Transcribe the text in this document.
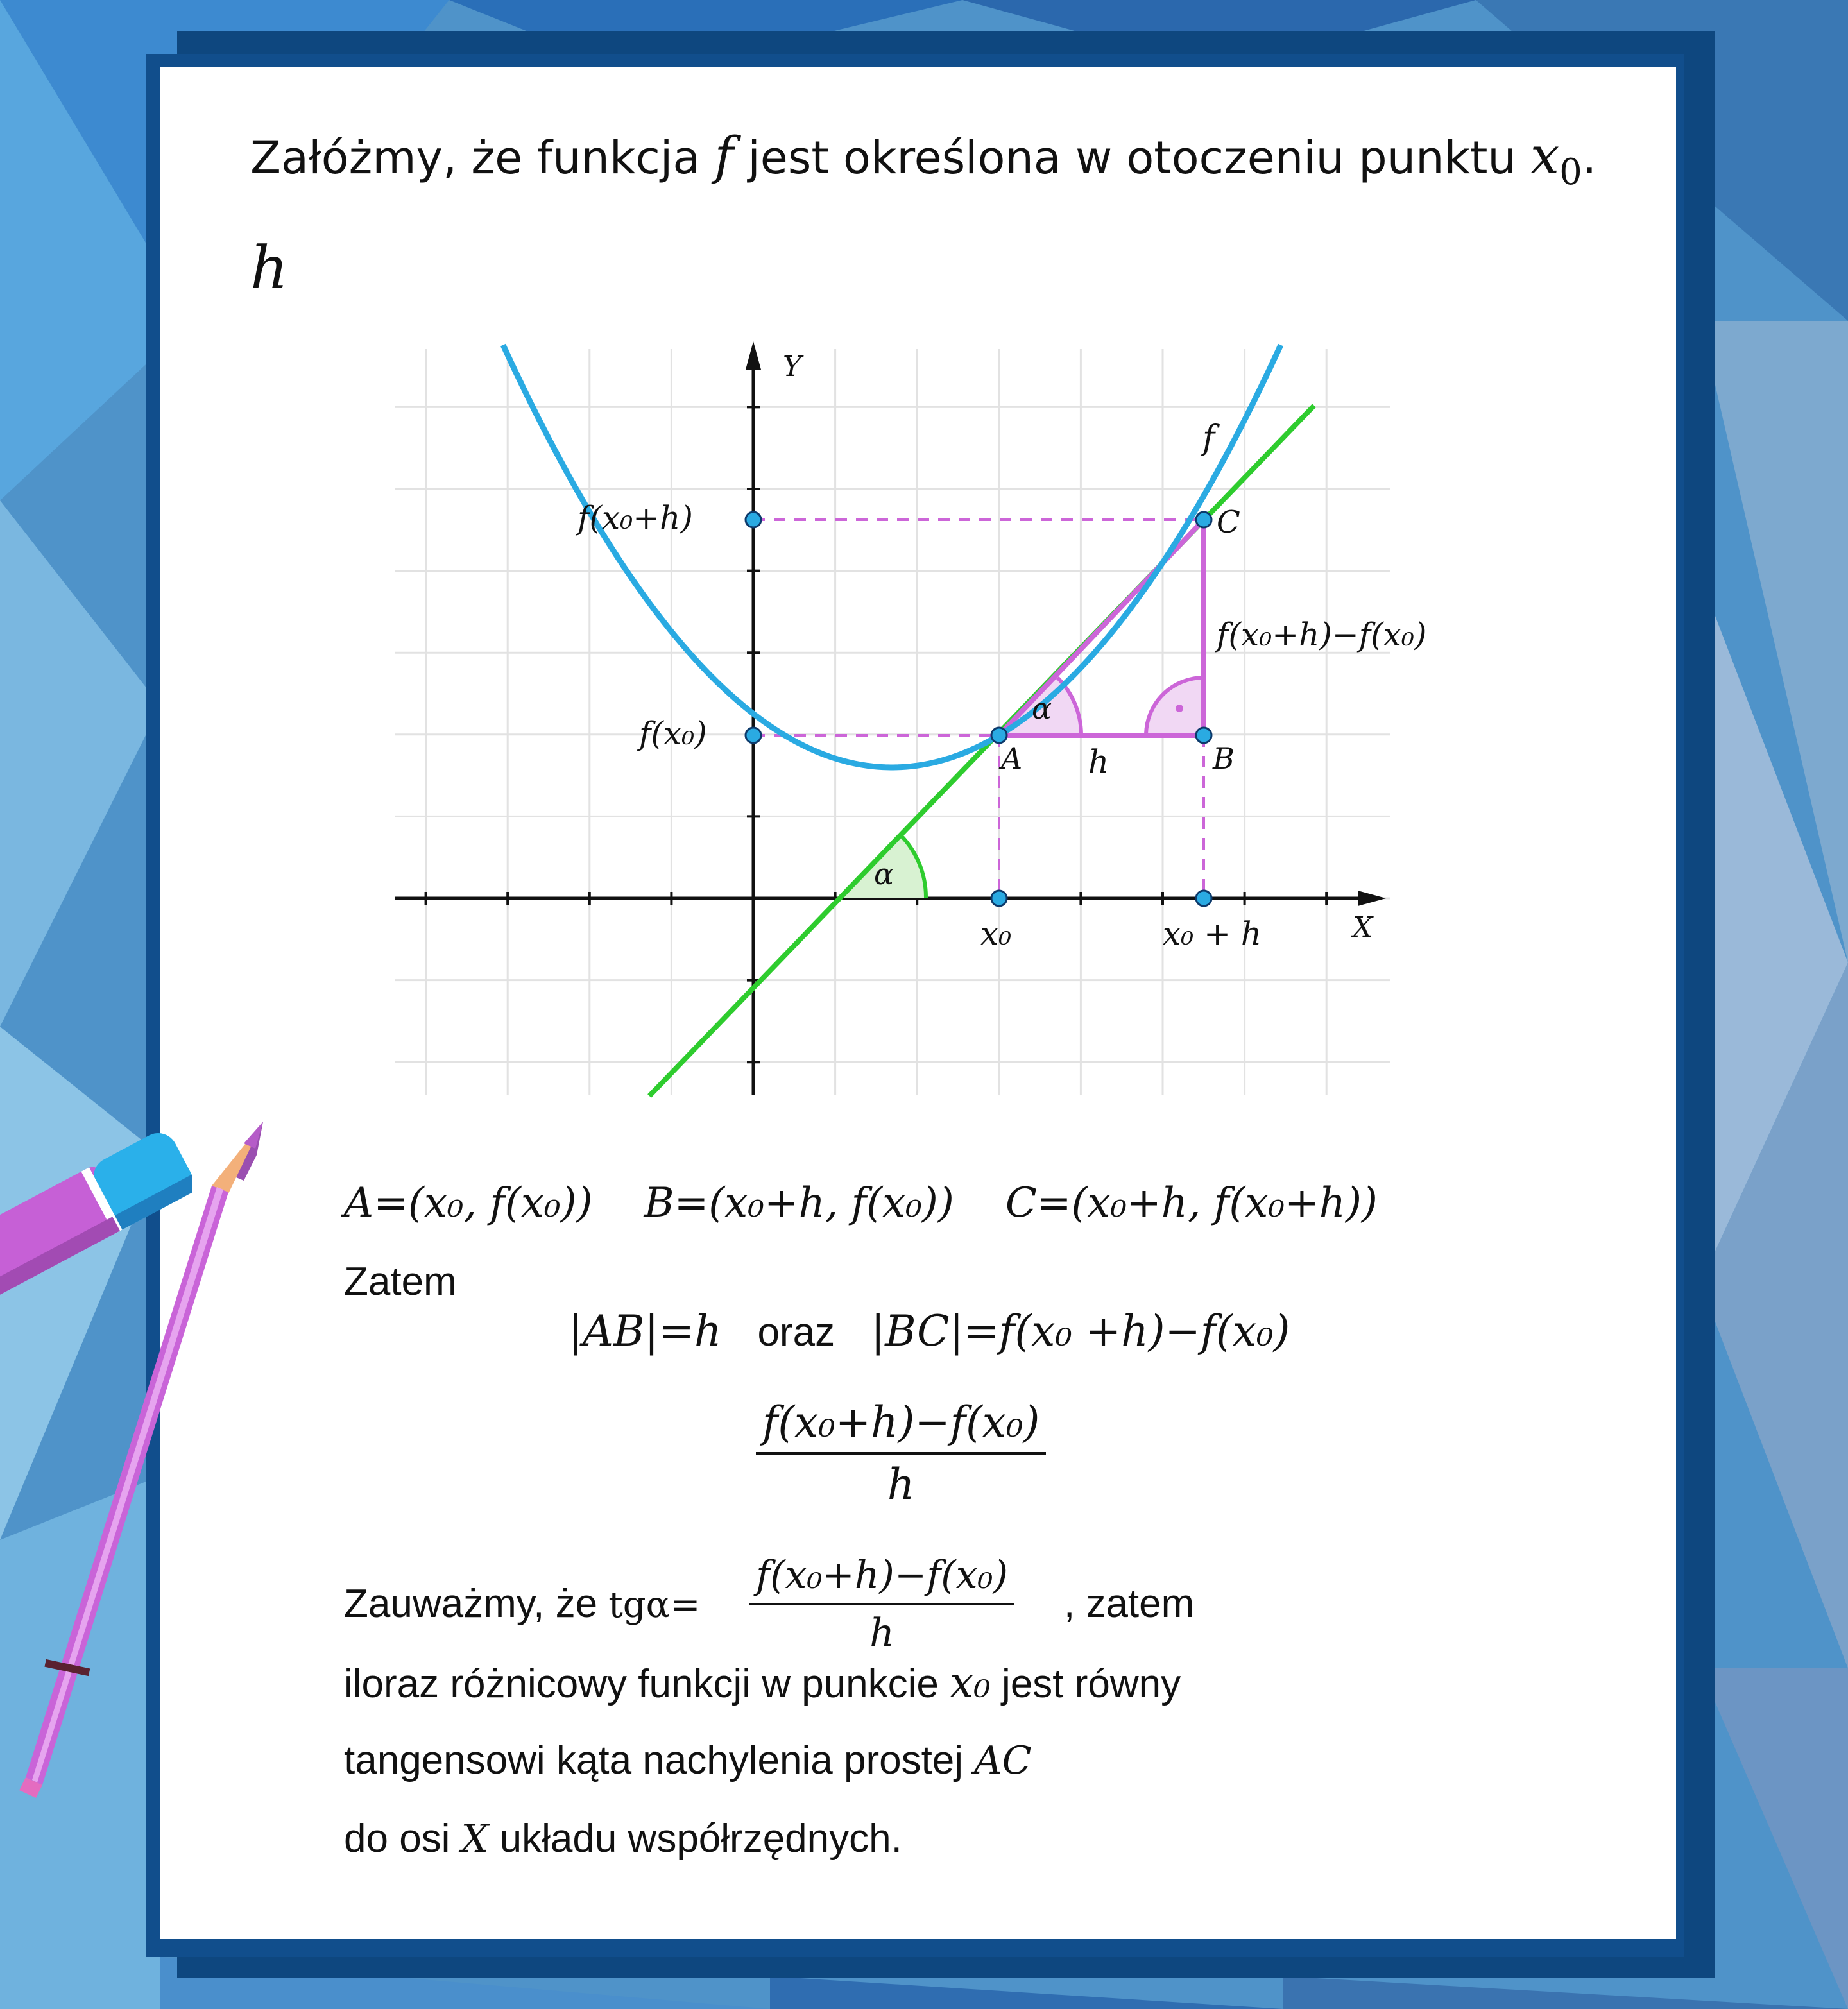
Załóżmy, że funkcja f jest określona w otoczeniu punktu $x_0$.
h
Y
X
f
f(x₀+h)
f(x₀)
C
A	B
h
f(x₀+h)−f(x₀)
x₀	x₀ + h
α
α
A=(x₀, f(x₀)) B=(x₀+h, f(x₀)) C=(x₀+h, f(x₀+h))
Zatem
|AB|=h oraz |BC|=f(x₀ +h)−f(x₀)
$\frac{\text{f(x₀+h)−f(x₀)}}{h}$
Zauważmy, że $tg\alpha= \frac{\text{f(x₀+h)−f(x₀)}}{h}$ , zatem
iloraz różnicowy funkcji w punkcie x₀ jest równy
tangensowi kąta nachylenia prostej AC
do osi X układu współrzędnych.
